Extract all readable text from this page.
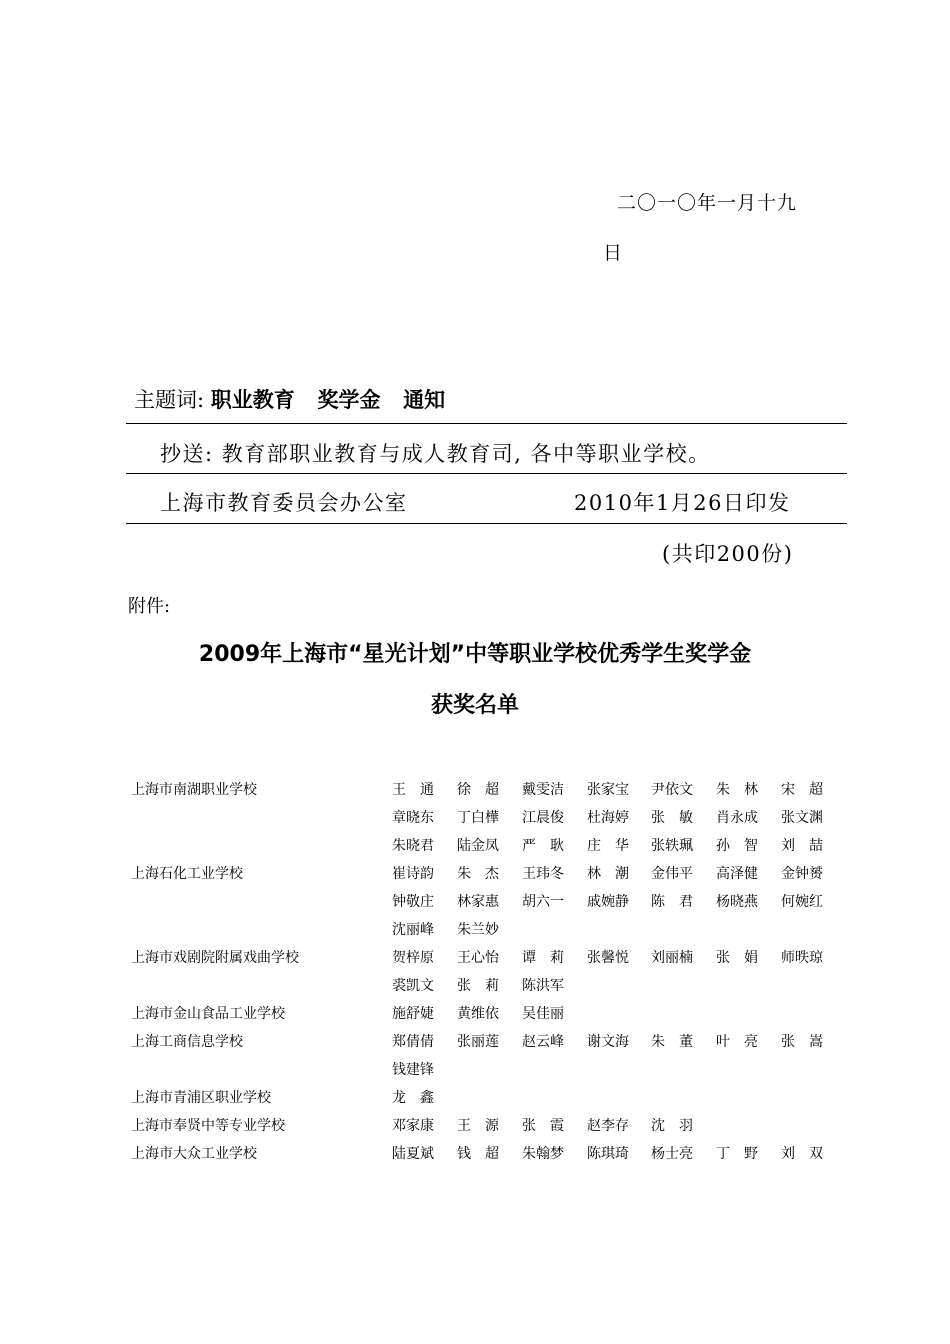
二〇一〇年一月十九
日
主题词: 职业教育 奖学金 通知
抄送: 教育部职业教育与成人教育司, 各中等职业学校。
上海市教育委员会办公室	2010年1月26日印发
(共印200份)
附件:
2009年上海市“星光计划”中等职业学校优秀学生奖学金
获奖名单
上海市南湖职业学校	王　通 徐　超 戴雯洁 张家宝 尹依文 朱　林 宋　超
章晓东 丁白樺 江晨俊 杜海婷 张　敏 肖永成 张文渊
朱晓君 陆金凤 严　耿 庄　华 张轶珮 孙　智 刘　喆
上海石化工业学校	崔诗韵 朱　杰 王玮冬 林　潮 金伟平 高泽健 金钟赟
钟敬庄 林家惠 胡六一 戚婉静 陈　君 杨晓燕 何婉红
沈丽峰 朱兰妙
上海市戏剧院附属戏曲学校	贺梓原 王心怡 谭　莉 张馨悦 刘丽楠 张　娟 师昳琼
裘凯文 张　莉 陈洪军
上海市金山食品工业学校	施舒婕 黄维依 吴佳丽
上海工商信息学校	郑倩倩 张丽莲 赵云峰 谢文海 朱　董 叶　亮 张　嵩
钱建锋
上海市青浦区职业学校	龙　鑫
上海市奉贤中等专业学校	邓家康 王　源 张　霞 赵李存 沈　羽
上海市大众工业学校	陆夏斌 钱　超 朱翰梦 陈琪琦 杨士亮 丁　野 刘　双
